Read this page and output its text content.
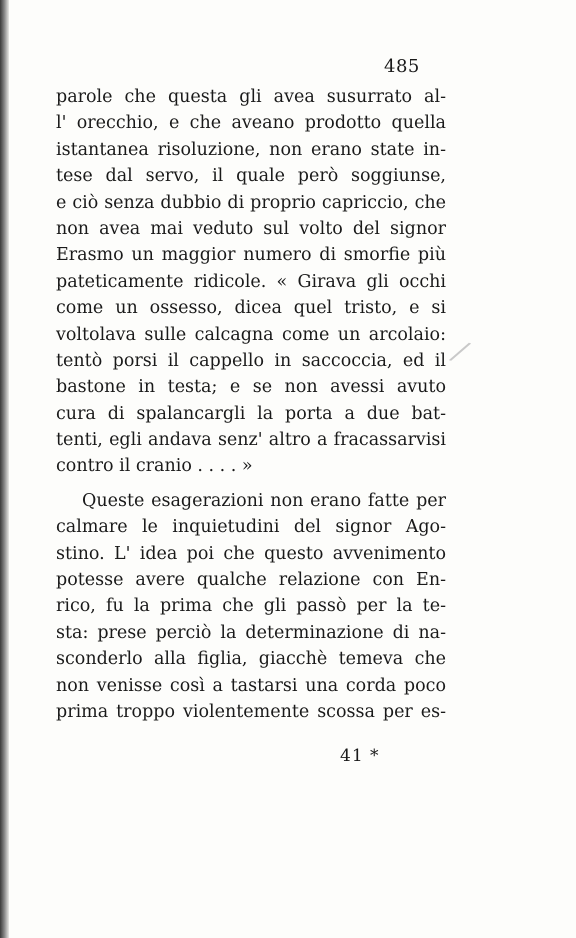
485
parole che questa gli avea susurrato al-
l' orecchio, e che aveano prodotto quella
istantanea risoluzione, non erano state in-
tese dal servo, il quale però soggiunse,
e ciò senza dubbio di proprio capriccio, che
non avea mai veduto sul volto del signor
Erasmo un maggior numero di smorfie più
pateticamente ridicole. « Girava gli occhi
come un ossesso, dicea quel tristo, e si
voltolava sulle calcagna come un arcolaio:
tentò porsi il cappello in saccoccia, ed il
bastone in testa; e se non avessi avuto
cura di spalancargli la porta a due bat-
tenti, egli andava senz' altro a fracassarvisi
contro il cranio . . . . »
Queste esagerazioni non erano fatte per
calmare le inquietudini del signor Ago-
stino. L' idea poi che questo avvenimento
potesse avere qualche relazione con En-
rico, fu la prima che gli passò per la te-
sta: prese perciò la determinazione di na-
sconderlo alla figlia, giacchè temeva che
non venisse così a tastarsi una corda poco
prima troppo violentemente scossa per es-
⁄
41 *
